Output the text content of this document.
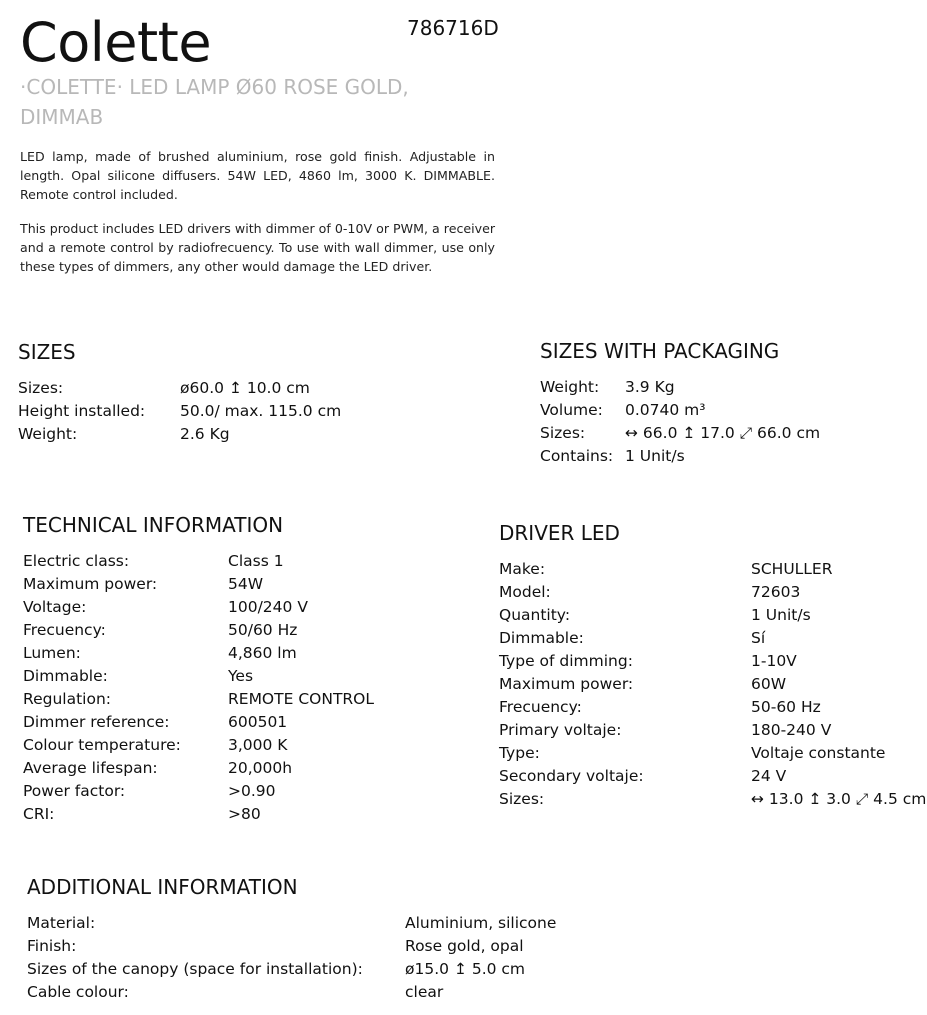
Colette	786716D
·COLETTE· LED LAMP Ø60 ROSE GOLD, DIMMAB

LED lamp, made of brushed aluminium, rose gold finish. Adjustable in length. Opal silicone diffusers. 54W LED, 4860 lm, 3000 K. DIMMABLE. Remote control included.

This product includes LED drivers with dimmer of 0-10V or PWM, a receiver and a remote control by radiofrecuency. To use with wall dimmer, use only these types of dimmers, any other would damage the LED driver.

SIZES
Sizes:	ø60.0 ↥ 10.0 cm
Height installed: 50.0/ max. 115.0 cm
Weight:	2.6 Kg
SIZES WITH PACKAGING
Weight: 3.9 Kg
Volume: 0.0740 m³
Sizes:	↔ 66.0 ↥ 17.0 ⤢ 66.0 cm
Contains: 1 Unit/s
TECHNICAL INFORMATION
Electric class:	Class 1
Maximum power:	54W
Voltage:	100/240 V
Frecuency:	50/60 Hz
Lumen:	4,860 lm
Dimmable:	Yes
Regulation:	REMOTE CONTROL
Dimmer reference:	600501
Colour temperature:	3,000 K
Average lifespan:	20,000h
Power factor:	>0.90
CRI:	>80
DRIVER LED
Make:	SCHULLER
Model:	72603
Quantity:	1 Unit/s
Dimmable:	Sí
Type of dimming:	1-10V
Maximum power:	60W
Frecuency:	50-60 Hz
Primary voltaje:	180-240 V
Type:	Voltaje constante
Secondary voltaje:	24 V
Sizes:	↔ 13.0 ↥ 3.0 ⤢ 4.5 cm
ADDITIONAL INFORMATION
Material:	Aluminium, silicone
Finish:	Rose gold, opal
Sizes of the canopy (space for installation):	ø15.0 ↥ 5.0 cm
Cable colour:	clear
